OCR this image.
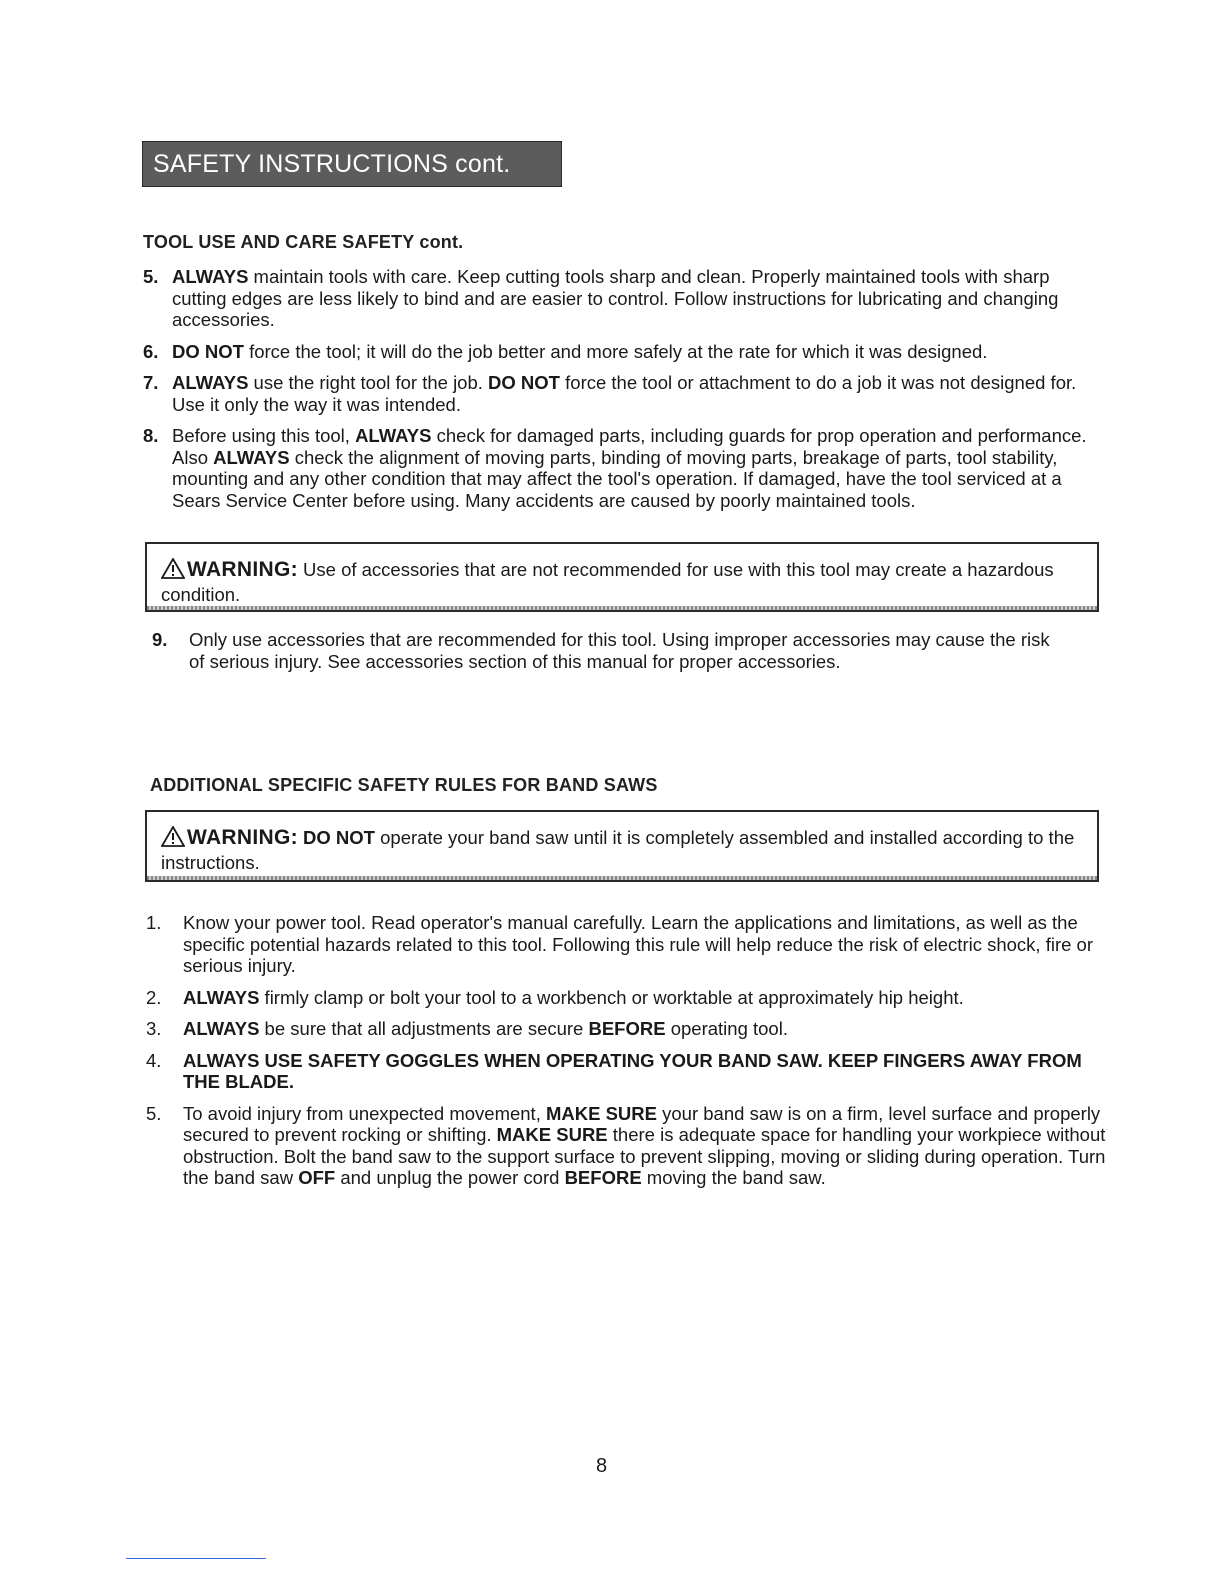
SAFETY INSTRUCTIONS cont.
TOOL USE AND CARE SAFETY cont.
5. ALWAYS maintain tools with care. Keep cutting tools sharp and clean. Properly maintained tools with sharp cutting edges are less likely to bind and are easier to control. Follow instructions for lubricating and changing accessories.
6. DO NOT force the tool; it will do the job better and more safely at the rate for which it was designed.
7. ALWAYS use the right tool for the job. DO NOT force the tool or attachment to do a job it was not designed for. Use it only the way it was intended.
8. Before using this tool, ALWAYS check for damaged parts, including guards for prop operation and performance. Also ALWAYS check the alignment of moving parts, binding of moving parts, breakage of parts, tool stability, mounting and any other condition that may affect the tool's operation. If damaged, have the tool serviced at a Sears Service Center before using. Many accidents are caused by poorly maintained tools.
WARNING: Use of accessories that are not recommended for use with this tool may create a hazardous condition.
9.	Only use accessories that are recommended for this tool. Using improper accessories may cause the risk of serious injury. See accessories section of this manual for proper accessories.
ADDITIONAL SPECIFIC SAFETY RULES FOR BAND SAWS
WARNING: DO NOT operate your band saw until it is completely assembled and installed according to the instructions.
1.	Know your power tool. Read operator's manual carefully. Learn the applications and limitations, as well as the specific potential hazards related to this tool. Following this rule will help reduce the risk of electric shock, fire or serious injury.
2.	ALWAYS firmly clamp or bolt your tool to a workbench or worktable at approximately hip height.
3.	ALWAYS be sure that all adjustments are secure BEFORE operating tool.
4.	ALWAYS USE SAFETY GOGGLES WHEN OPERATING YOUR BAND SAW. KEEP FINGERS AWAY FROM THE BLADE.
5.	To avoid injury from unexpected movement, MAKE SURE your band saw is on a firm, level surface and properly secured to prevent rocking or shifting. MAKE SURE there is adequate space for handling your workpiece without obstruction. Bolt the band saw to the support surface to prevent slipping, moving or sliding during operation. Turn the band saw OFF and unplug the power cord BEFORE moving the band saw.
8
